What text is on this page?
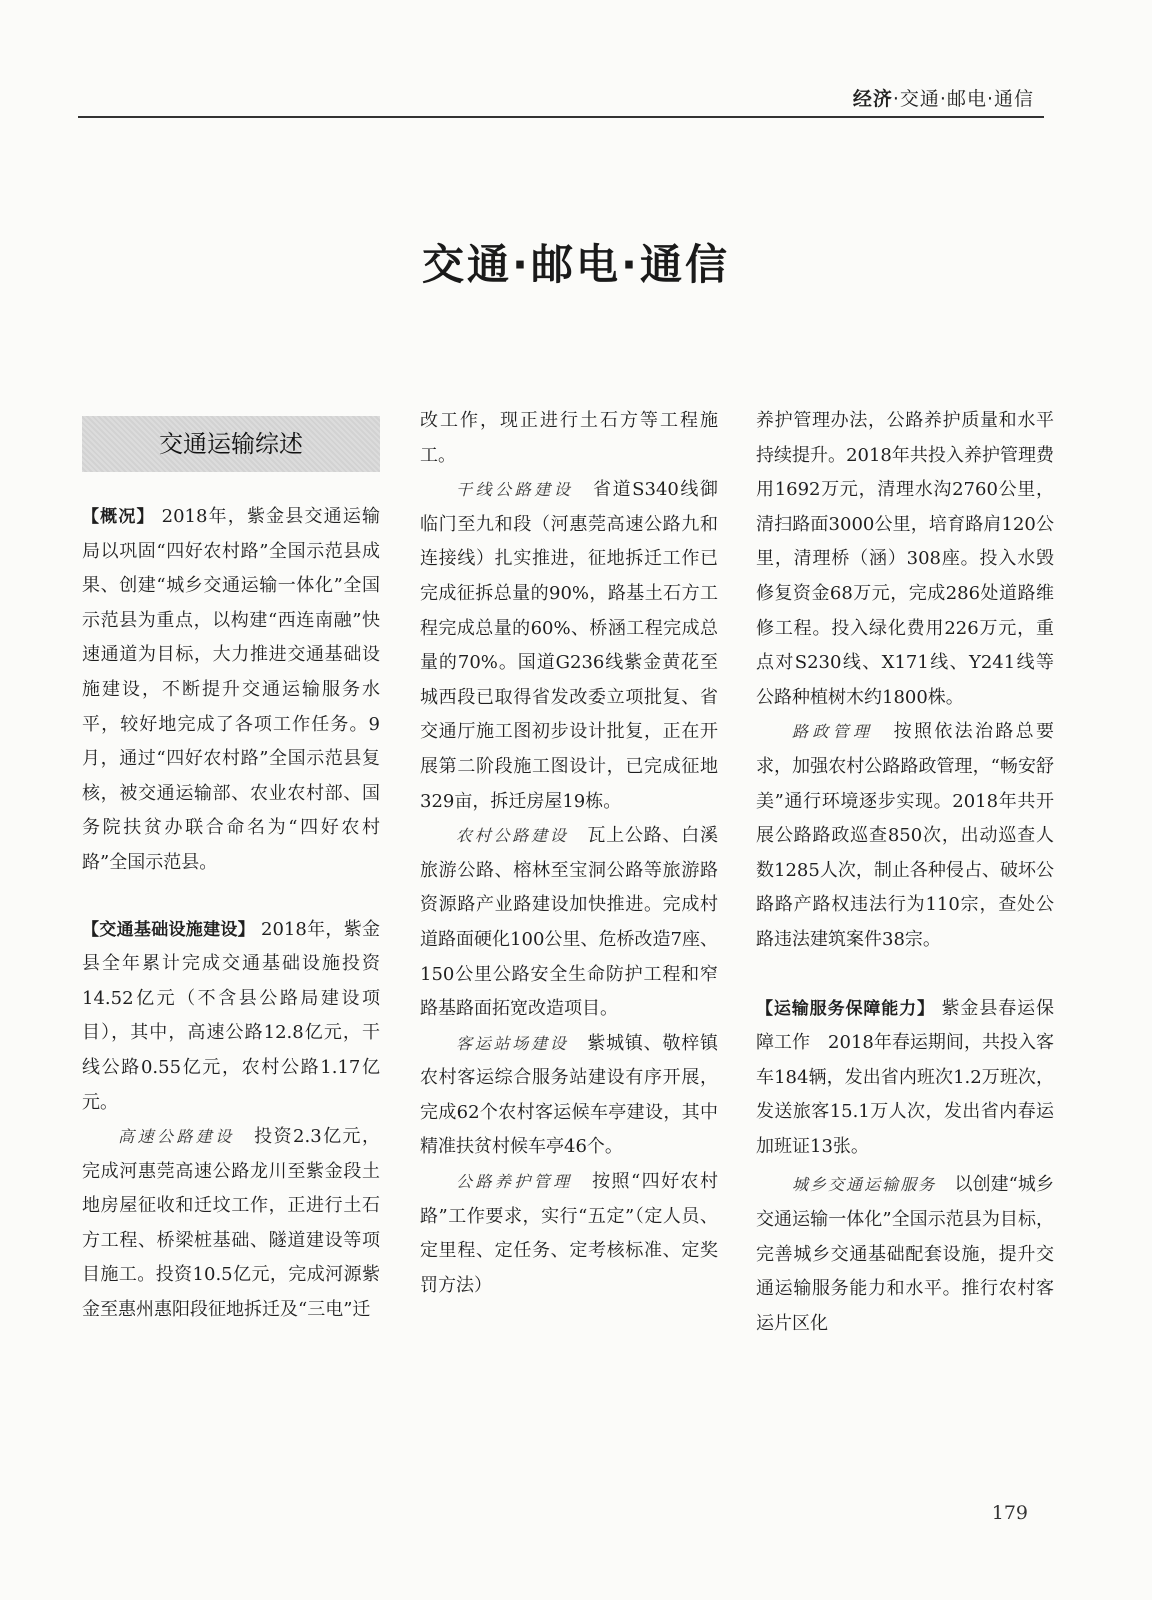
经济·交通·邮电·通信
交通·邮电·通信
交通运输综述

【概况】 2018年，紫金县交通运输局以巩固“四好农村路”全国示范县成果、创建“城乡交通运输一体化”全国示范县为重点，以构建“西连南融”快速通道为目标，大力推进交通基础设施建设，不断提升交通运输服务水平，较好地完成了各项工作任务。9月，通过“四好农村路”全国示范县复核，被交通运输部、农业农村部、国务院扶贫办联合命名为“四好农村路”全国示范县。

【交通基础设施建设】 2018年，紫金县全年累计完成交通基础设施投资14.52亿元（不含县公路局建设项目），其中，高速公路12.8亿元，干线公路0.55亿元，农村公路1.17亿元。

高速公路建设　投资2.3亿元，完成河惠莞高速公路龙川至紫金段土地房屋征收和迁坟工作，正进行土石方工程、桥梁桩基础、隧道建设等项目施工。投资10.5亿元，完成河源紫金至惠州惠阳段征地拆迁及“三电”迁

改工作，现正进行土石方等工程施工。

干线公路建设　省道S340线御临门至九和段（河惠莞高速公路九和连接线）扎实推进，征地拆迁工作已完成征拆总量的90%，路基土石方工程完成总量的60%、桥涵工程完成总量的70%。国道G236线紫金黄花至城西段已取得省发改委立项批复、省交通厅施工图初步设计批复，正在开展第二阶段施工图设计，已完成征地329亩，拆迁房屋19栋。

农村公路建设　瓦上公路、白溪旅游公路、榕林至宝洞公路等旅游路资源路产业路建设加快推进。完成村道路面硬化100公里、危桥改造7座、150公里公路安全生命防护工程和窄路基路面拓宽改造项目。

客运站场建设　紫城镇、敬梓镇农村客运综合服务站建设有序开展，完成62个农村客运候车亭建设，其中精准扶贫村候车亭46个。

公路养护管理　按照“四好农村路”工作要求，实行“五定”（定人员、定里程、定任务、定考核标准、定奖罚方法）

养护管理办法，公路养护质量和水平持续提升。2018年共投入养护管理费用1692万元，清理水沟2760公里，清扫路面3000公里，培育路肩120公里，清理桥（涵）308座。投入水毁修复资金68万元，完成286处道路维修工程。投入绿化费用226万元，重点对S230线、X171线、Y241线等公路种植树木约1800株。

路政管理　按照依法治路总要求，加强农村公路路政管理，“畅安舒美”通行环境逐步实现。2018年共开展公路路政巡查850次，出动巡查人数1285人次，制止各种侵占、破坏公路路产路权违法行为110宗，查处公路违法建筑案件38宗。

【运输服务保障能力】 紫金县春运保障工作　2018年春运期间，共投入客车184辆，发出省内班次1.2万班次，发送旅客15.1万人次，发出省内春运加班证13张。

城乡交通运输服务　以创建“城乡交通运输一体化”全国示范县为目标，完善城乡交通基础配套设施，提升交通运输服务能力和水平。推行农村客运片区化

179
